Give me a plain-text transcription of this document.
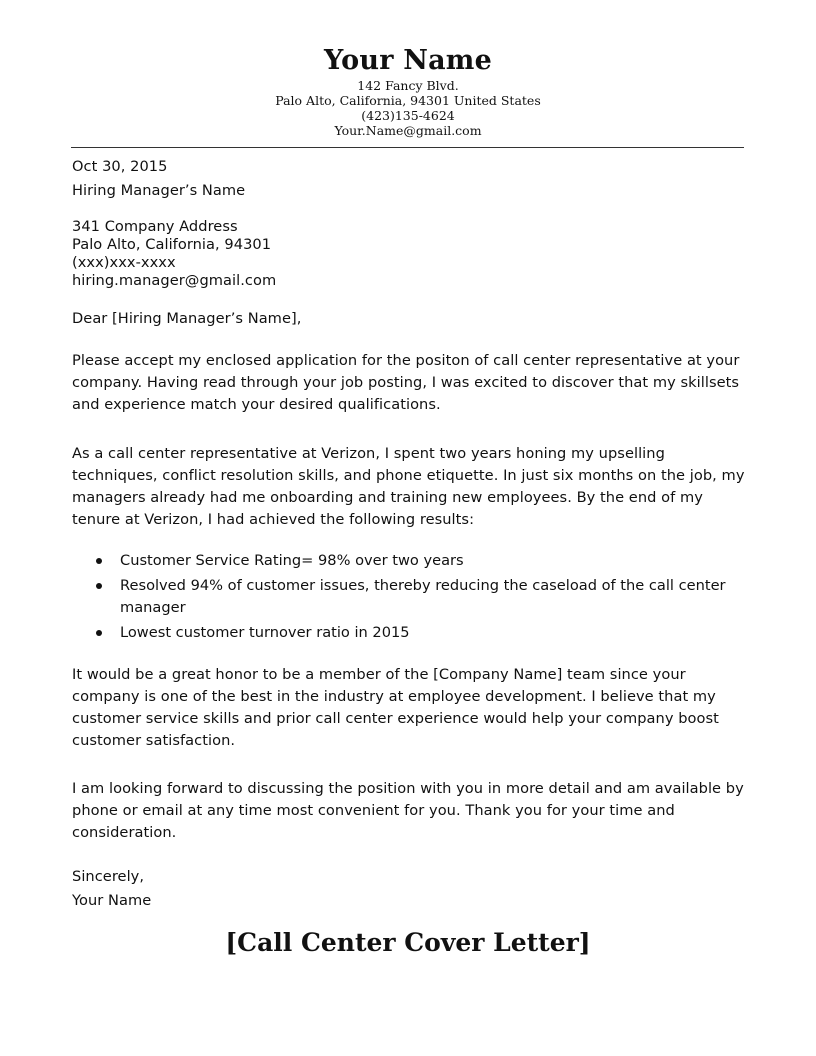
Your Name
142 Fancy Blvd.
Palo Alto, California, 94301 United States
(423)135-4624
Your.Name@gmail.com
Oct 30, 2015
Hiring Manager’s Name
341 Company Address
Palo Alto, California, 94301
(xxx)xxx-xxxx
hiring.manager@gmail.com
Dear [Hiring Manager’s Name],

Please accept my enclosed application for the positon of call center representative at your company. Having read through your job posting, I was excited to discover that my skillsets and experience match your desired qualifications.

As a call center representative at Verizon, I spent two years honing my upselling techniques, conflict resolution skills, and phone etiquette. In just six months on the job, my managers already had me onboarding and training new employees. By the end of my tenure at Verizon, I had achieved the following results:

Customer Service Rating= 98% over two years
Resolved 94% of customer issues, thereby reducing the caseload of the call center manager
Lowest customer turnover ratio in 2015

It would be a great honor to be a member of the [Company Name] team since your company is one of the best in the industry at employee development. I believe that my customer service skills and prior call center experience would help your company boost customer satisfaction.

I am looking forward to discussing the position with you in more detail and am available by phone or email at any time most convenient for you. Thank you for your time and consideration.

Sincerely,
Your Name
[Call Center Cover Letter]
